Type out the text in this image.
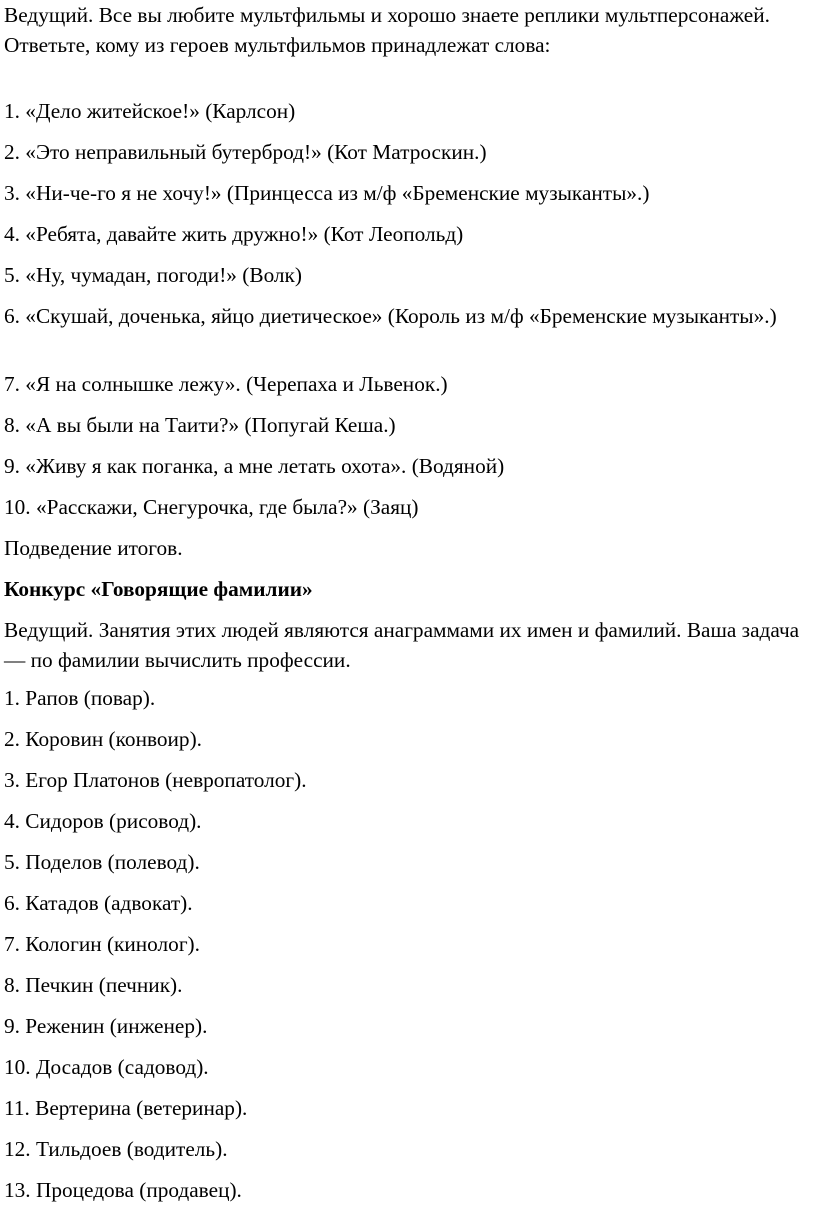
Ведущий. Все вы любите мультфильмы и хорошо знаете реплики мультперсонажей. Ответьте, кому из героев мультфильмов принадлежат слова:

1. «Дело житейское!» (Карлсон)

2. «Это неправильный бутерброд!» (Кот Матроскин.)

3. «Ни-че-го я не хочу!» (Принцесса из м/ф «Бременские музыканты».)

4. «Ребята, давайте жить дружно!» (Кот Леопольд)

5. «Ну, чумадан, погоди!» (Волк)

6. «Скушай, доченька, яйцо диетическое» (Король из м/ф «Бременские музыканты».)

7. «Я на солнышке лежу». (Черепаха и Львенок.)

8. «А вы были на Таити?» (Попугай Кеша.)

9. «Живу я как поганка, а мне летать охота». (Водяной)

10. «Расскажи, Снегурочка, где была?» (Заяц)

Подведение итогов.

Конкурс «Говорящие фамилии»

Ведущий. Занятия этих людей являются анаграммами их имен и фамилий. Ваша задача — по фамилии вычислить профессии.

1. Рапов (повар).

2. Коровин (конвоир).

3. Егор Платонов (невропатолог).

4. Сидоров (рисовод).

5. Поделов (полевод).

6. Катадов (адвокат).

7. Кологин (кинолог).

8. Печкин (печник).

9. Реженин (инженер).

10. Досадов (садовод).

11. Вертерина (ветеринар).

12. Тильдоев (водитель).

13. Процедова (продавец).
